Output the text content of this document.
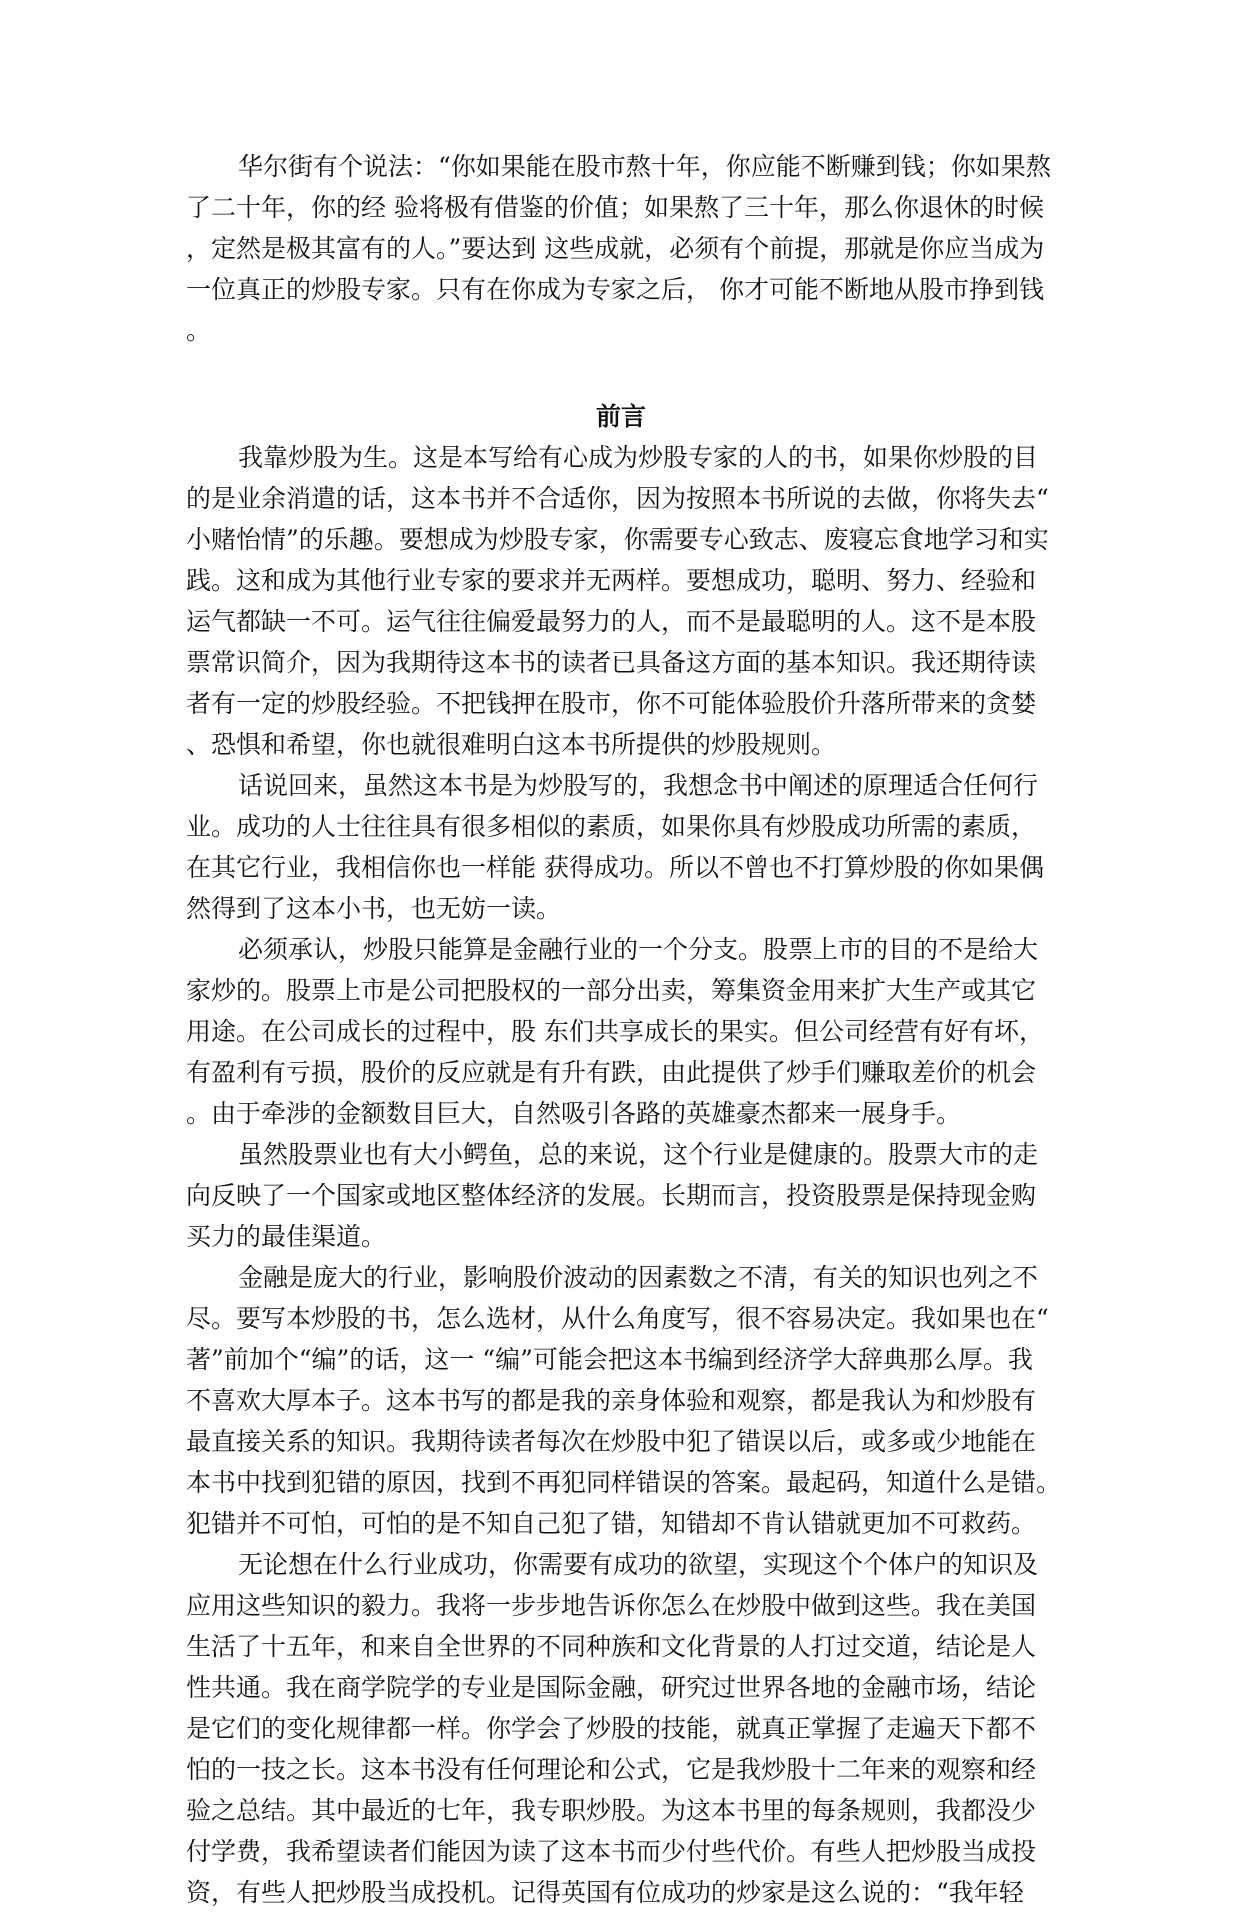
华尔街有个说法：“你如果能在股市熬十年，你应能不断赚到钱；你如果熬了二十年，你的经 验将极有借鉴的价值；如果熬了三十年，那么你退休的时候，定然是极其富有的人。”要达到 这些成就，必须有个前提，那就是你应当成为一位真正的炒股专家。只有在你成为专家之后， 你才可能不断地从股市挣到钱。

前言

我靠炒股为生。这是本写给有心成为炒股专家的人的书，如果你炒股的目的是业余消遣的话，这本书并不合适你，因为按照本书所说的去做，你将失去“小赌怡情”的乐趣。要想成为炒股专家，你需要专心致志、废寝忘食地学习和实践。这和成为其他行业专家的要求并无两样。要想成功，聪明、努力、经验和运气都缺一不可。运气往往偏爱最努力的人，而不是最聪明的人。这不是本股票常识简介，因为我期待这本书的读者已具备这方面的基本知识。我还期待读者有一定的炒股经验。不把钱押在股市，你不可能体验股价升落所带来的贪婪、恐惧和希望，你也就很难明白这本书所提供的炒股规则。

话说回来，虽然这本书是为炒股写的，我想念书中阐述的原理适合任何行业。成功的人士往往具有很多相似的素质，如果你具有炒股成功所需的素质，在其它行业，我相信你也一样能 获得成功。所以不曾也不打算炒股的你如果偶然得到了这本小书，也无妨一读。

必须承认，炒股只能算是金融行业的一个分支。股票上市的目的不是给大家炒的。股票上市是公司把股权的一部分出卖，筹集资金用来扩大生产或其它用途。在公司成长的过程中，股 东们共享成长的果实。但公司经营有好有坏，有盈利有亏损，股价的反应就是有升有跌，由此提供了炒手们赚取差价的机会。由于牵涉的金额数目巨大，自然吸引各路的英雄豪杰都来一展身手。

虽然股票业也有大小鳄鱼，总的来说，这个行业是健康的。股票大市的走向反映了一个国家或地区整体经济的发展。长期而言，投资股票是保持现金购买力的最佳渠道。

金融是庞大的行业，影响股价波动的因素数之不清，有关的知识也列之不尽。要写本炒股的书，怎么选材，从什么角度写，很不容易决定。我如果也在“著”前加个“编”的话，这一 “编”可能会把这本书编到经济学大辞典那么厚。我不喜欢大厚本子。这本书写的都是我的亲身体验和观察，都是我认为和炒股有最直接关系的知识。我期待读者每次在炒股中犯了错误以后，或多或少地能在本书中找到犯错的原因，找到不再犯同样错误的答案。最起码，知道什么是错。　　犯错并不可怕，可怕的是不知自己犯了错，知错却不肯认错就更加不可救药。

无论想在什么行业成功，你需要有成功的欲望，实现这个个体户的知识及应用这些知识的毅力。我将一步步地告诉你怎么在炒股中做到这些。我在美国生活了十五年，和来自全世界的不同种族和文化背景的人打过交道，结论是人性共通。我在商学院学的专业是国际金融，研究过世界各地的金融市场，结论是它们的变化规律都一样。你学会了炒股的技能，就真正掌握了走遍天下都不怕的一技之长。这本书没有任何理论和公式，它是我炒股十二年来的观察和经验之总结。其中最近的七年，我专职炒股。为这本书里的每条规则，我都没少付学费，我希望读者们能因为读了这本书而少付些代价。有些人把炒股当成投资，有些人把炒股当成投机。记得英国有位成功的炒家是这么说的：“我年轻
